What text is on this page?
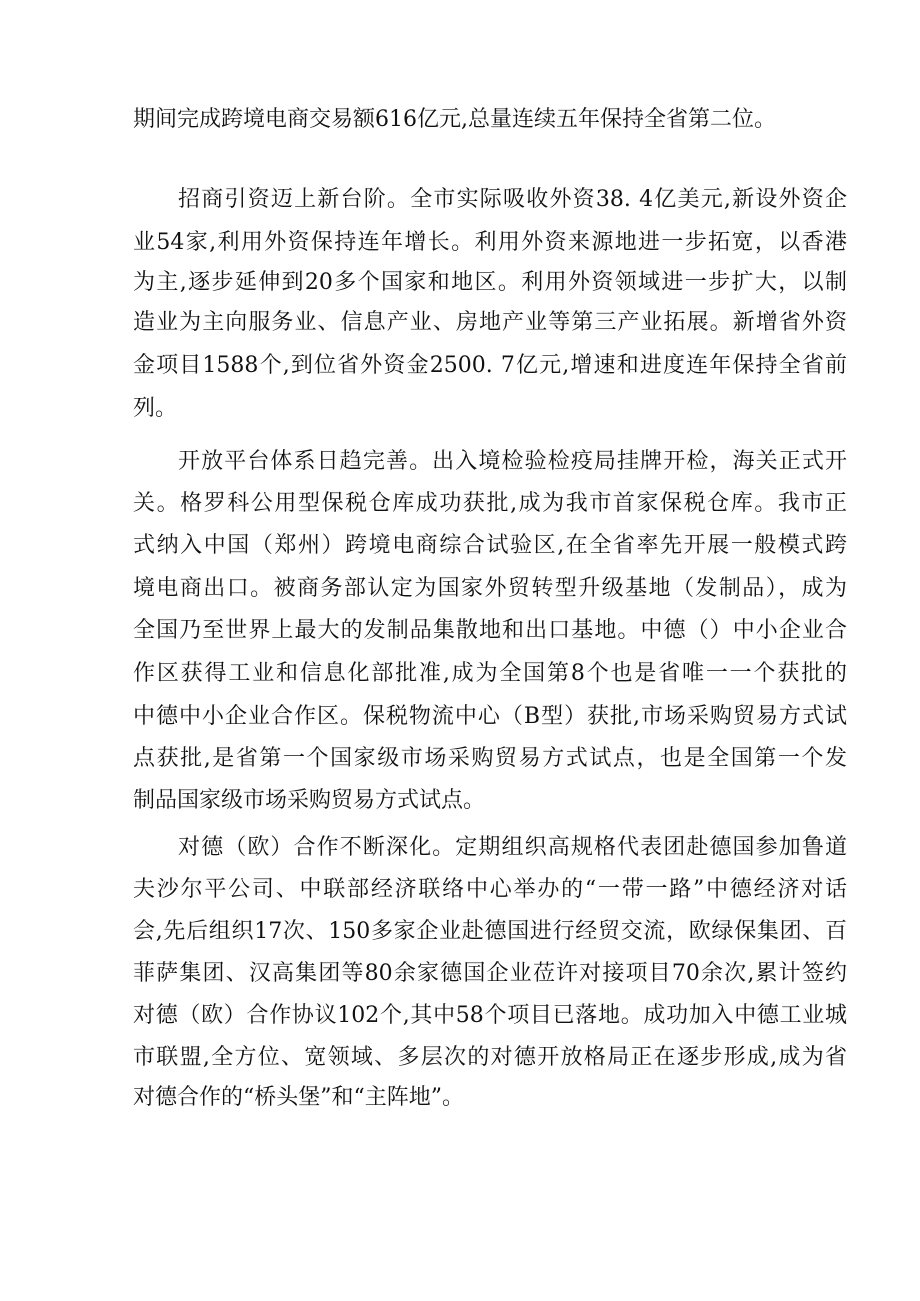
期间完成跨境电商交易额616亿元,总量连续五年保持全省第二位。
招商引资迈上新台阶。全市实际吸收外资38. 4亿美元,新设外资企
业54家,利用外资保持连年增长。利用外资来源地进一步拓宽，以香港
为主,逐步延伸到20多个国家和地区。利用外资领域进一步扩大，以制
造业为主向服务业、信息产业、房地产业等第三产业拓展。新增省外资
金项目1588个,到位省外资金2500. 7亿元,增速和进度连年保持全省前
列。
开放平台体系日趋完善。出入境检验检疫局挂牌开检，海关正式开
关。格罗科公用型保税仓库成功获批,成为我市首家保税仓库。我市正
式纳入中国（郑州）跨境电商综合试验区,在全省率先开展一般模式跨
境电商出口。被商务部认定为国家外贸转型升级基地（发制品），成为
全国乃至世界上最大的发制品集散地和出口基地。中德（）中小企业合
作区获得工业和信息化部批准,成为全国第8个也是省唯一一个获批的
中德中小企业合作区。保税物流中心（B型）获批,市场采购贸易方式试
点获批,是省第一个国家级市场采购贸易方式试点，也是全国第一个发
制品国家级市场采购贸易方式试点。
对德（欧）合作不断深化。定期组织高规格代表团赴德国参加鲁道
夫沙尔平公司、中联部经济联络中心举办的“一带一路”中德经济对话
会,先后组织17次、150多家企业赴德国进行经贸交流，欧绿保集团、百
菲萨集团、汉高集团等80余家德国企业莅许对接项目70余次,累计签约
对德（欧）合作协议102个,其中58个项目已落地。成功加入中德工业城
市联盟,全方位、宽领域、多层次的对德开放格局正在逐步形成,成为省
对德合作的“桥头堡”和“主阵地”。
